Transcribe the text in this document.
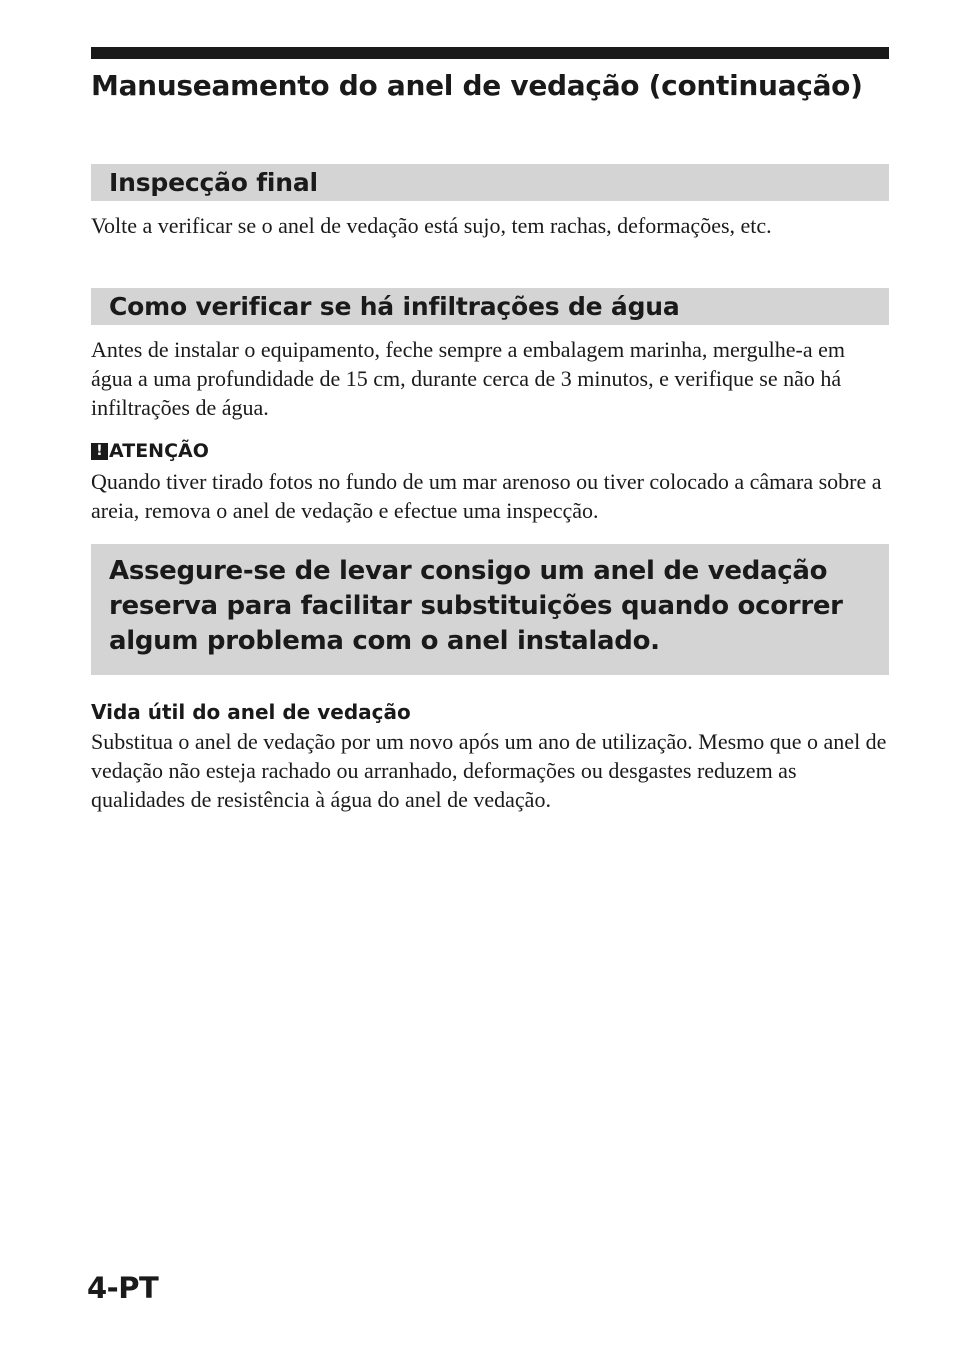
Manuseamento do anel de vedação (continuação)
Inspecção final

Volte a verificar se o anel de vedação está sujo, tem rachas, deformações, etc.

Como verificar se há infiltrações de água

Antes de instalar o equipamento, feche sempre a embalagem marinha, mergulhe-a em água a uma profundidade de 15 cm, durante cerca de 3 minutos, e verifique se não há infiltrações de água.

! ATENÇÃO

Quando tiver tirado fotos no fundo de um mar arenoso ou tiver colocado a câmara sobre a areia, remova o anel de vedação e efectue uma inspecção.

Assegure-se de levar consigo um anel de vedação reserva para facilitar substituições quando ocorrer algum problema com o anel instalado.
Vida útil do anel de vedação

Substitua o anel de vedação por um novo após um ano de utilização. Mesmo que o anel de vedação não esteja rachado ou arranhado, deformações ou desgastes reduzem as qualidades de resistência à água do anel de vedação.

4-PT
